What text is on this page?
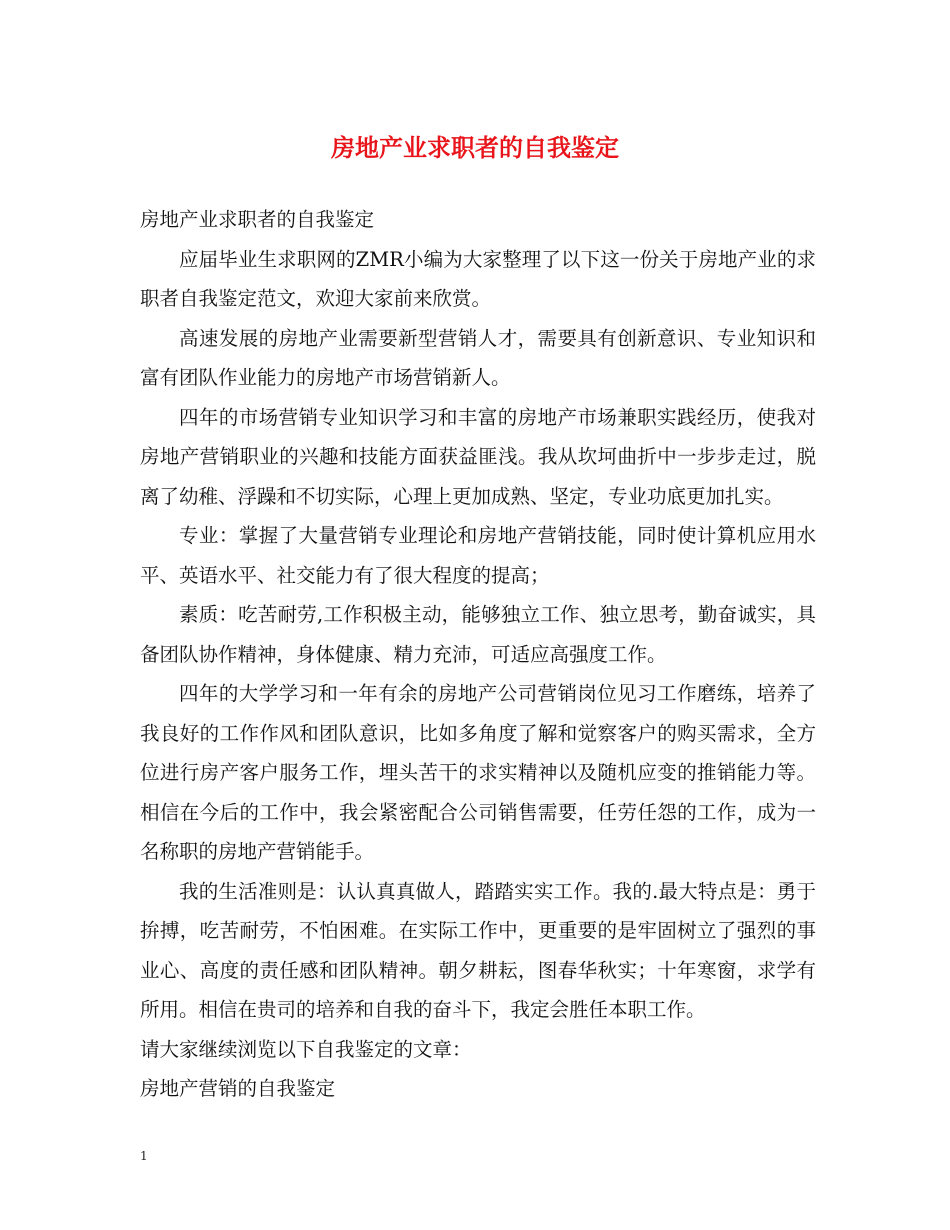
房地产业求职者的自我鉴定

房地产业求职者的自我鉴定

应届毕业生求职网的ZMR小编为大家整理了以下这一份关于房地产业的求职者自我鉴定范文，欢迎大家前来欣赏。

高速发展的房地产业需要新型营销人才，需要具有创新意识、专业知识和富有团队作业能力的房地产市场营销新人。

四年的市场营销专业知识学习和丰富的房地产市场兼职实践经历，使我对房地产营销职业的兴趣和技能方面获益匪浅。我从坎坷曲折中一步步走过，脱离了幼稚、浮躁和不切实际，心理上更加成熟、坚定，专业功底更加扎实。

专业：掌握了大量营销专业理论和房地产营销技能，同时使计算机应用水平、英语水平、社交能力有了很大程度的提高；

素质：吃苦耐劳,工作积极主动，能够独立工作、独立思考，勤奋诚实，具备团队协作精神，身体健康、精力充沛，可适应高强度工作。

四年的大学学习和一年有余的房地产公司营销岗位见习工作磨练，培养了我良好的工作作风和团队意识，比如多角度了解和觉察客户的购买需求，全方位进行房产客户服务工作，埋头苦干的求实精神以及随机应变的推销能力等。相信在今后的工作中，我会紧密配合公司销售需要，任劳任怨的工作，成为一名称职的房地产营销能手。

我的生活准则是：认认真真做人，踏踏实实工作。我的.最大特点是：勇于拚搏，吃苦耐劳，不怕困难。在实际工作中，更重要的是牢固树立了强烈的事业心、高度的责任感和团队精神。朝夕耕耘，图春华秋实；十年寒窗，求学有所用。相信在贵司的培养和自我的奋斗下，我定会胜任本职工作。

请大家继续浏览以下自我鉴定的文章：

房地产营销的自我鉴定

1
